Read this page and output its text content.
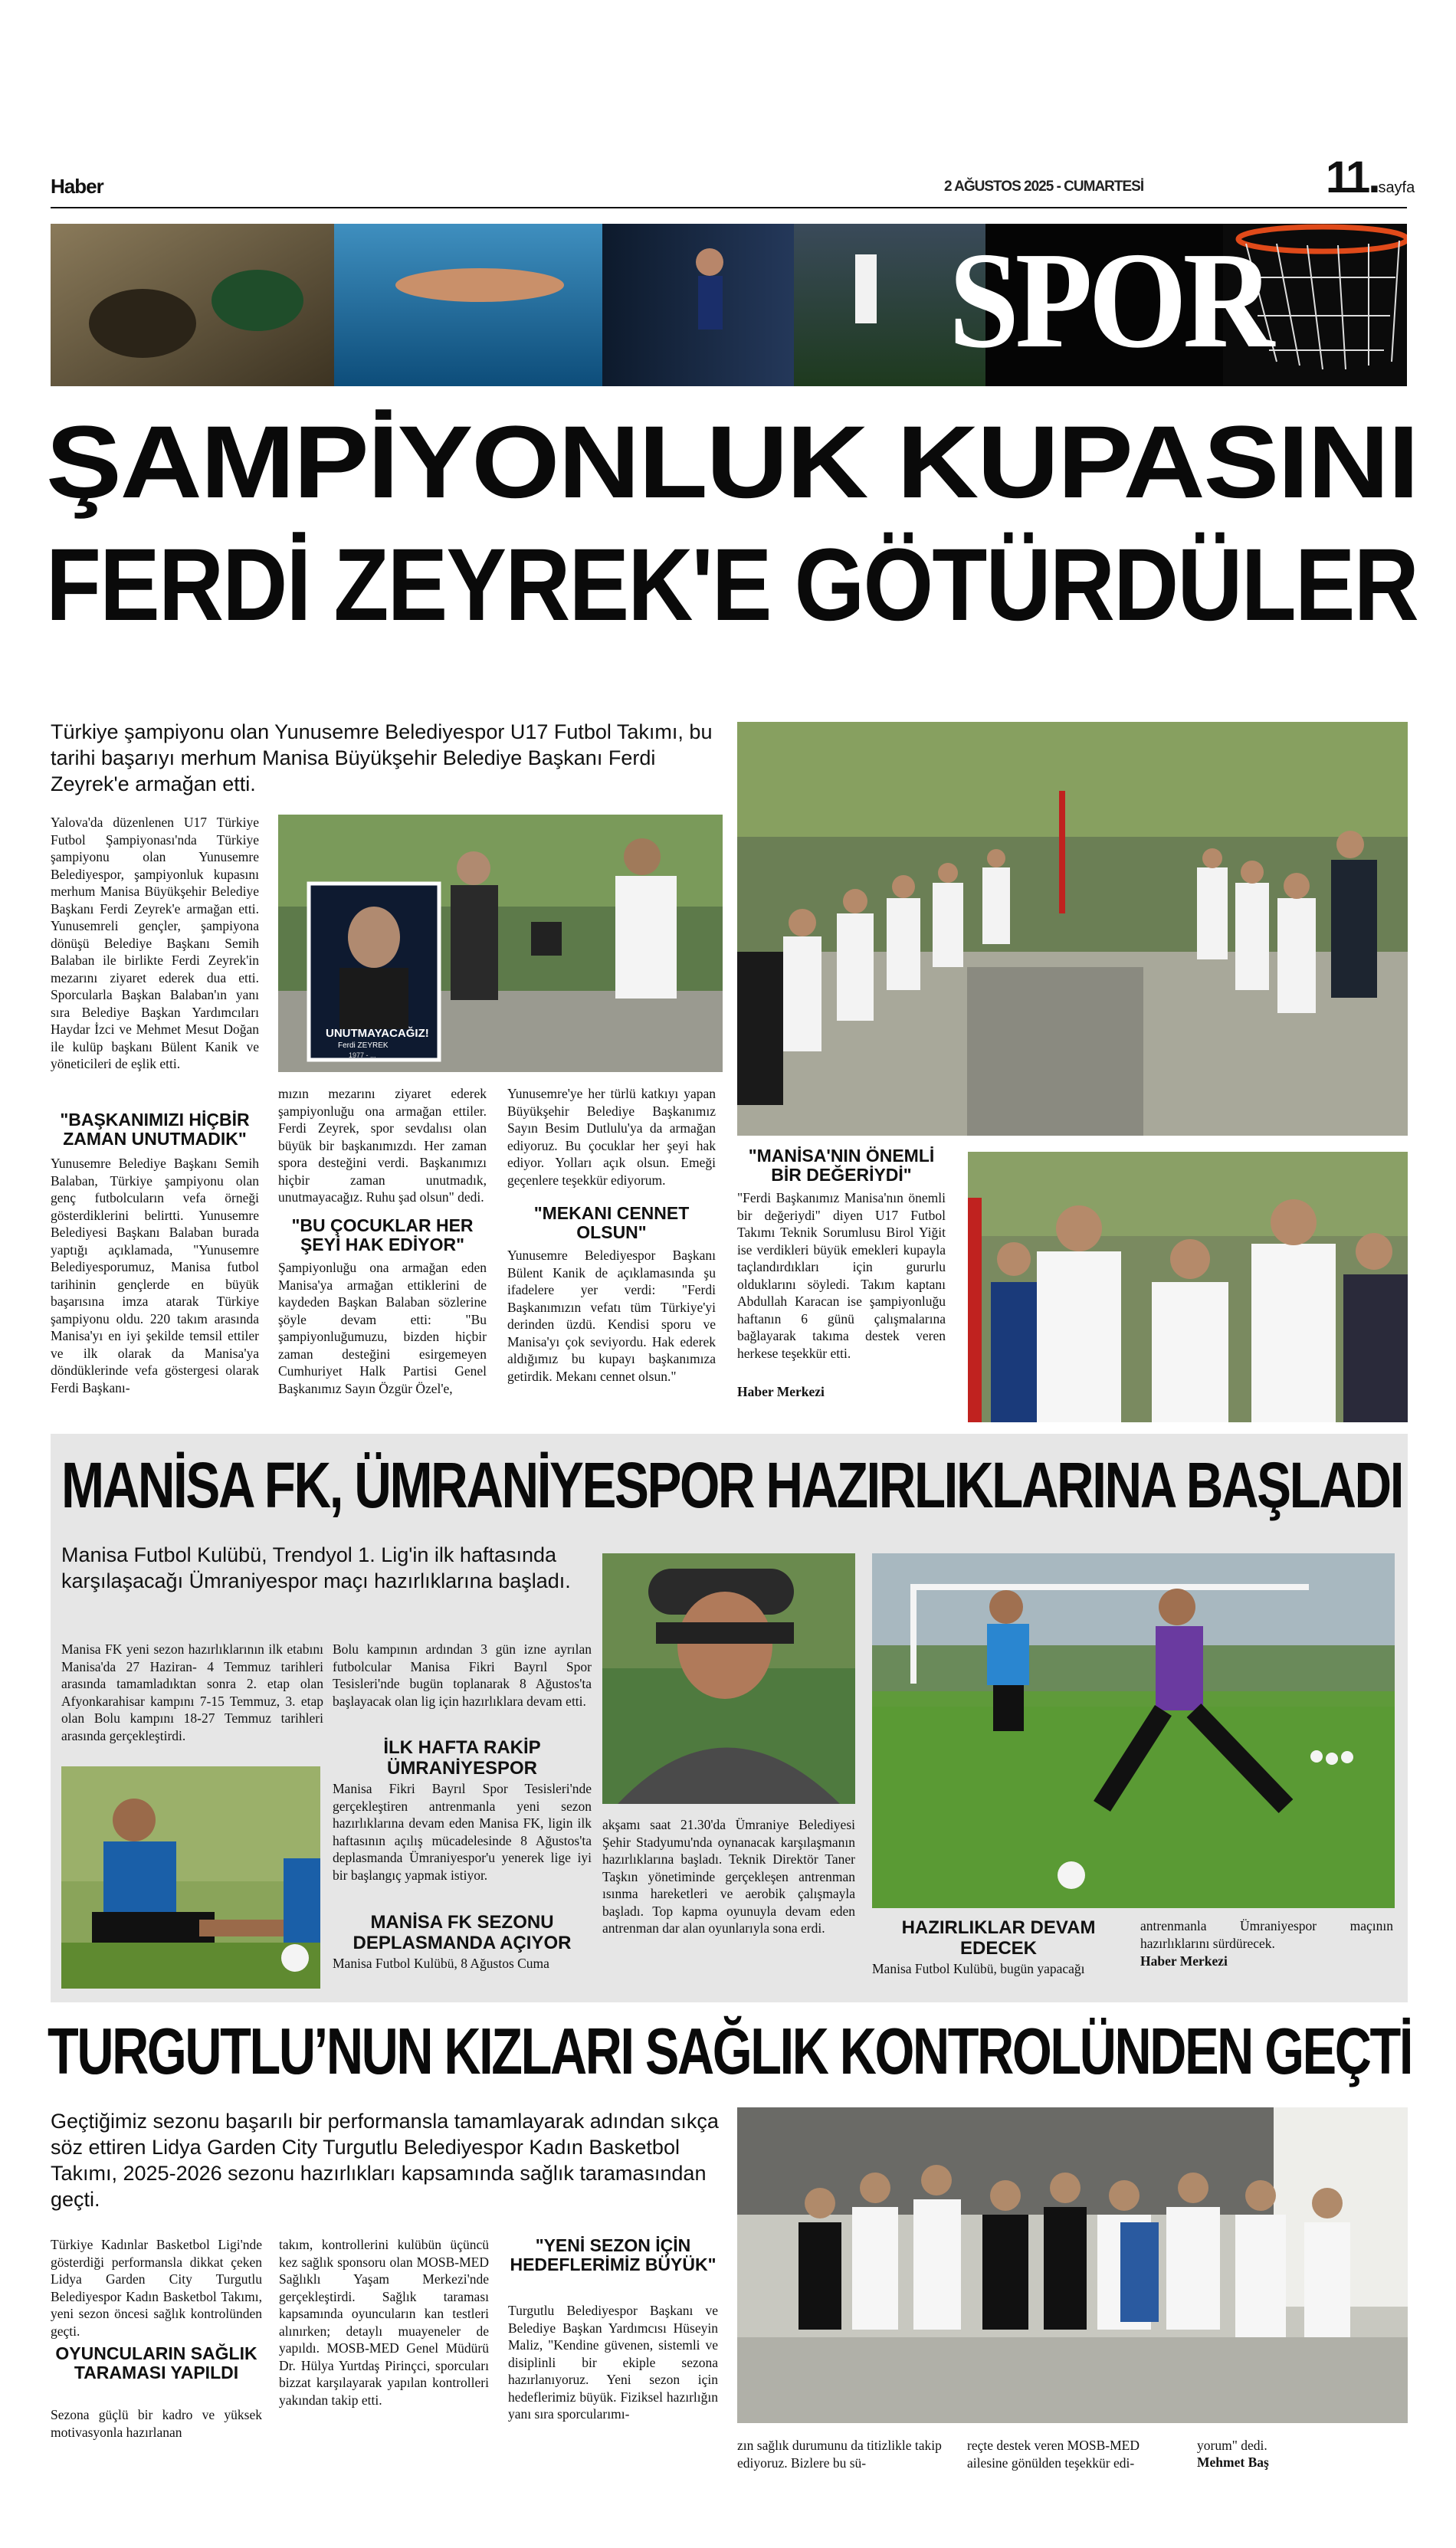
Haber	2 AĞUSTOS 2025 - CUMARTESİ	11.sayfa
SPOR
ŞAMPİYONLUK KUPASINI
FERDİ ZEYREK'E GÖTÜRDÜLER
Türkiye şampiyonu olan Yunusemre Belediyespor U17 Futbol Takımı, bu tarihi başarıyı merhum Manisa Büyükşehir Belediye Başkanı Ferdi Zeyrek'e armağan etti.
Yalova'da düzenlenen U17 Türkiye Futbol Şampiyonası'nda Türkiye şampiyonu olan Yunusemre Belediyespor, şampiyonluk kupasını merhum Manisa Büyükşehir Belediye Başkanı Ferdi Zeyrek'e armağan etti. Yunusemreli gençler, şampiyona dönüşü Belediye Başkanı Semih Balaban ile birlikte Ferdi Zeyrek'in mezarını ziyaret ederek dua etti. Sporcularla Başkan Balaban'ın yanı sıra Belediye Başkan Yardımcıları Haydar İzci ve Mehmet Mesut Doğan ile kulüp başkanı Bülent Kanik ve yöneticileri de eşlik etti.
"BAŞKANIMIZI HİÇBİR ZAMAN UNUTMADIK"
Yunusemre Belediye Başkanı Semih Balaban, Türkiye şampiyonu olan genç futbolcuların vefa örneği gösterdiklerini belirtti. Yunusemre Belediyesi Başkanı Balaban burada yaptığı açıklamada, "Yunusemre Belediyesporumuz, Manisa futbol tarihinin gençlerde en büyük başarısına imza atarak Türkiye şampiyonu oldu. 220 takım arasında Manisa'yı en iyi şekilde temsil ettiler ve ilk olarak da Manisa'ya döndüklerinde vefa göstergesi olarak Ferdi Başkanı-
UNUTMAYACAĞIZ!
Ferdi ZEYREK
1977 - ...
mızın mezarını ziyaret ederek şampiyonluğu ona armağan ettiler. Ferdi Zeyrek, spor sevdalısı olan büyük bir başkanımızdı. Her zaman spora desteğini verdi. Başkanımızı hiçbir zaman unutmadık, unutmayacağız. Ruhu şad olsun" dedi.
"BU ÇOCUKLAR HER ŞEYİ HAK EDİYOR"
Şampiyonluğu ona armağan eden Manisa'ya armağan ettiklerini de kaydeden Başkan Balaban sözlerine şöyle devam etti: "Bu şampiyonluğumuzu, bizden hiçbir zaman desteğini esirgemeyen Cumhuriyet Halk Partisi Genel Başkanımız Sayın Özgür Özel'e,
Yunusemre'ye her türlü katkıyı yapan Büyükşehir Belediye Başkanımız Sayın Besim Dutlulu'ya da armağan ediyoruz. Bu çocuklar her şeyi hak ediyor. Yolları açık olsun. Emeği geçenlere teşekkür ediyorum.
"MEKANI CENNET OLSUN"
Yunusemre Belediyespor Başkanı Bülent Kanik de açıklamasında şu ifadelere yer verdi: "Ferdi Başkanımızın vefatı tüm Türkiye'yi derinden üzdü. Kendisi sporu ve Manisa'yı çok seviyordu. Hak ederek aldığımız bu kupayı başkanımıza getirdik. Mekanı cennet olsun."
"MANİSA'NIN ÖNEMLİ BİR DEĞERİYDİ"
"Ferdi Başkanımız Manisa'nın önemli bir değeriydi" diyen U17 Futbol Takımı Teknik Sorumlusu Birol Yiğit ise verdikleri büyük emekleri kupayla taçlandırdıkları için gururlu olduklarını söyledi. Takım kaptanı Abdullah Karacan ise şampiyonluğu haftanın 6 günü çalışmalarına bağlayarak takıma destek veren herkese teşekkür etti.
Haber Merkezi
MANİSA FK, ÜMRANİYESPOR HAZIRLIKLARINA BAŞLADI
Manisa Futbol Kulübü, Trendyol 1. Lig'in ilk haftasında karşılaşacağı Ümraniyespor maçı hazırlıklarına başladı.
Manisa FK yeni sezon hazırlıklarının ilk etabını Manisa'da 27 Haziran- 4 Temmuz tarihleri arasında tamamladıktan sonra 2. etap olan Afyonkarahisar kampını 7-15 Temmuz, 3. etap olan Bolu kampını 18-27 Temmuz tarihleri arasında gerçekleştirdi.
Bolu kampının ardından 3 gün izne ayrılan futbolcular Manisa Fikri Bayrıl Spor Tesisleri'nde bugün toplanarak 8 Ağustos'ta başlayacak olan lig için hazırlıklara devam etti.
İLK HAFTA RAKİP ÜMRANİYESPOR
Manisa Fikri Bayrıl Spor Tesisleri'nde gerçekleştiren antrenmanla yeni sezon hazırlıklarına devam eden Manisa FK, ligin ilk haftasının açılış mücadelesinde 8 Ağustos'ta deplasmanda Ümraniyespor'u yenerek lige iyi bir başlangıç yapmak istiyor.
MANİSA FK SEZONU DEPLASMANDA AÇIYOR
Manisa Futbol Kulübü, 8 Ağustos Cuma
akşamı saat 21.30'da Ümraniye Belediyesi Şehir Stadyumu'nda oynanacak karşılaşmanın hazırlıklarına başladı. Teknik Direktör Taner Taşkın yönetiminde gerçekleşen antrenman ısınma hareketleri ve aerobik çalışmayla başladı. Top kapma oyunuyla devam eden antrenman dar alan oyunlarıyla sona erdi.	HAZIRLIKLAR DEVAM EDECEK
Manisa Futbol Kulübü, bugün yapacağı
antrenmanla Ümraniyespor maçının hazırlıklarını sürdürecek.
Haber Merkezi
TURGUTLU’NUN KIZLARI SAĞLIK KONTROLÜNDEN GEÇTİ
Geçtiğimiz sezonu başarılı bir performansla tamamlayarak adından sıkça söz ettiren Lidya Garden City Turgutlu Belediyespor Kadın Basketbol Takımı, 2025-2026 sezonu hazırlıkları kapsamında sağlık taramasından geçti.
Türkiye Kadınlar Basketbol Ligi'nde gösterdiği performansla dikkat çeken Lidya Garden City Turgutlu Belediyespor Kadın Basketbol Takımı, yeni sezon öncesi sağlık kontrolünden geçti.
OYUNCULARIN SAĞLIK TARAMASI YAPILDI
Sezona güçlü bir kadro ve yüksek motivasyonla hazırlanan
takım, kontrollerini kulübün üçüncü kez sağlık sponsoru olan MOSB-MED Sağlıklı Yaşam Merkezi'nde gerçekleştirdi. Sağlık taraması kapsamında oyuncuların kan testleri alınırken; detaylı muayeneler de yapıldı. MOSB-MED Genel Müdürü Dr. Hülya Yurtdaş Pirinçci, sporcuları bizzat karşılayarak yapılan kontrolleri yakından takip etti.
"YENİ SEZON İÇİN HEDEFLERİMİZ BÜYÜK"
Turgutlu Belediyespor Başkanı ve Belediye Başkan Yardımcısı Hüseyin Maliz, "Kendine güvenen, sistemli ve disiplinli bir ekiple sezona hazırlanıyoruz. Yeni sezon için hedeflerimiz büyük. Fiziksel hazırlığın yanı sıra sporcularımı-
zın sağlık durumunu da titizlikle takip ediyoruz. Bizlere bu sü-
reçte destek veren MOSB-MED ailesine gönülden teşekkür edi-
yorum" dedi.
Mehmet Baş
